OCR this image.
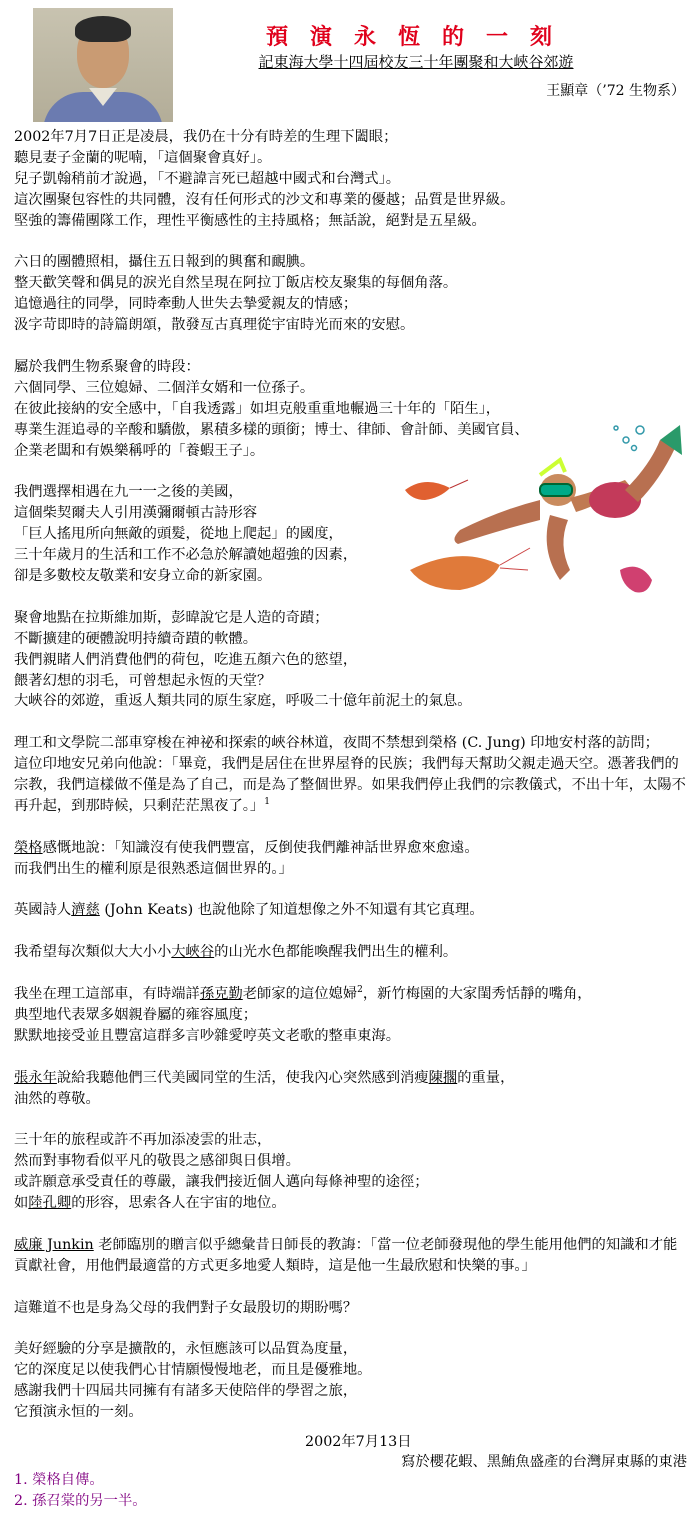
預演永恆的一刻
記東海大學十四屆校友三十年團聚和大峽谷郊遊
王顯章（’72 生物系）

2002年7月7日正是凌晨，我仍在十分有時差的生理下闔眼；
聽見妻子金蘭的呢喃，「這個聚會真好」。
兒子凱翰稍前才說過，「不避諱言死已超越中國式和台灣式」。
這次團聚包容性的共同體，沒有任何形式的沙文和專業的優越；品質是世界級。
堅強的籌備團隊工作，理性平衡感性的主持風格；無話說，絕對是五星級。

六日的團體照相，攝住五日報到的興奮和靦腆。
整天歡笑聲和偶見的淚光自然呈現在阿拉丁飯店校友聚集的每個角落。
追憶過往的同學，同時牽動人世失去摯愛親友的情感；
汲字苛即時的詩篇朗頌，散發亙古真理從宇宙時光而來的安慰。

屬於我們生物系聚會的時段：
六個同學、三位媳婦、二個洋女婿和一位孫子。
在彼此接納的安全感中，「自我透露」如坦克般重重地輾過三十年的「陌生」，
專業生涯追尋的辛酸和驕傲，累積多樣的頭銜；博士、律師、會計師、美國官員、
企業老闆和有娛樂稱呼的「養蝦王子」。

我們選擇相遇在九一一之後的美國，
這個柴契爾夫人引用漢彌爾頓古詩形容
「巨人搖甩所向無敵的頭髮，從地上爬起」的國度，
三十年歲月的生活和工作不必急於解讀她超強的因素，
卻是多數校友敬業和安身立命的新家園。

聚會地點在拉斯維加斯，彭暐說它是人造的奇蹟；
不斷擴建的硬體說明持續奇蹟的軟體。
我們親睹人們消費他們的荷包，吃進五顏六色的慾望，
餵著幻想的羽毛，可曾想起永恆的天堂？
大峽谷的郊遊，重返人類共同的原生家庭，呼吸二十億年前泥土的氣息。

理工和文學院二部車穿梭在神祕和探索的峽谷林道，夜間不禁想到榮格 (C. Jung) 印地安村落的訪問；
這位印地安兄弟向他說：「畢竟，我們是居住在世界屋脊的民族；我們每天幫助父親走過天空。憑著我們的宗教，我們這樣做不僅是為了自己，而是為了整個世界。如果我們停止我們的宗教儀式，不出十年，太陽不再升起，到那時候，只剩茫茫黑夜了。」$^1$

榮格感慨地說：「知識沒有使我們豐富，反倒使我們離神話世界愈來愈遠。
而我們出生的權利原是很熟悉這個世界的。」

英國詩人濟慈 (John Keats) 也說他除了知道想像之外不知還有其它真理。

我希望每次類似大大小小大峽谷的山光水色都能喚醒我們出生的權利。

我坐在理工這部車，有時端詳孫克勤老師家的這位媳婦$^2$，新竹梅園的大家閨秀恬靜的嘴角，
典型地代表眾多姻親眷屬的雍容風度；
默默地接受並且豐富這群多言吵雜愛哼英文老歌的整車東海。

張永年說給我聽他們三代美國同堂的生活，使我內心突然感到消瘦陳擱的重量，
油然的尊敬。

三十年的旅程或許不再加添凌雲的壯志，
然而對事物看似平凡的敬畏之感卻與日俱增。
或許願意承受責任的尊嚴，讓我們接近個人邁向每條神聖的途徑；
如陸孔卿的形容，思索各人在宇宙的地位。

威廉 Junkin 老師臨別的贈言似乎總彙昔日師長的教誨：「當一位老師發現他的學生能用他們的知識和才能貢獻社會，用他們最適當的方式更多地愛人類時，這是他一生最欣慰和快樂的事。」

這難道不也是身為父母的我們對子女最殷切的期盼嗎？

美好經驗的分享是擴散的，永恒應該可以品質為度量，
它的深度足以使我們心甘情願慢慢地老，而且是優雅地。
感謝我們十四屆共同擁有有諸多天使陪伴的學習之旅，
它預演永恒的一刻。

2002年7月13日
寫於櫻花蝦、黑鮪魚盛產的台灣屏東縣的東港
1. 榮格自傳。
2. 孫召棠的另一半。
